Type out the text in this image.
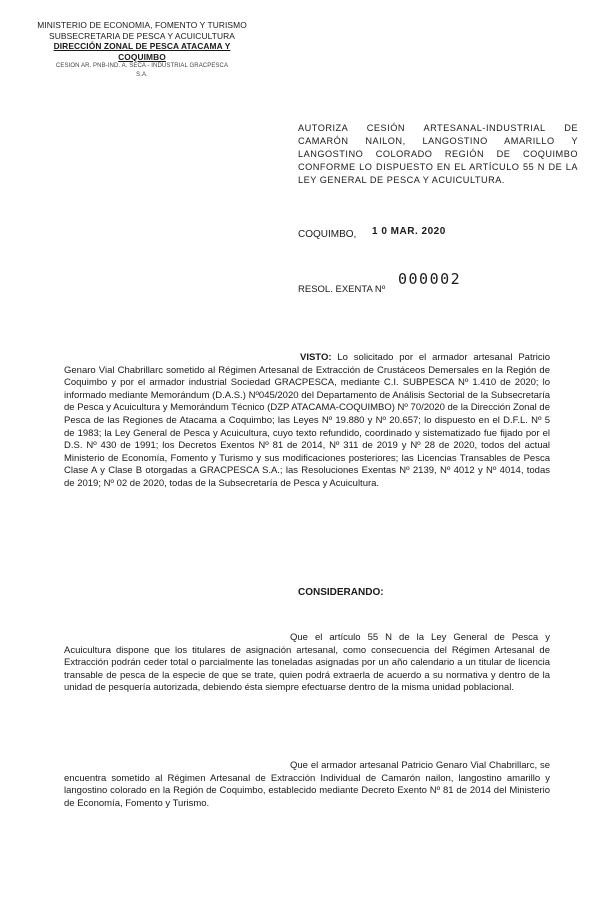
MINISTERIO DE ECONOMIA, FOMENTO Y TURISMO
SUBSECRETARIA DE PESCA Y ACUICULTURA
DIRECCIÓN ZONAL DE PESCA ATACAMA Y
COQUIMBO
CESION AR. PNB-IND. A. SECA - INDUSTRIAL GRACPESCA
S.A.
AUTORIZA CESIÓN ARTESANAL-INDUSTRIAL DE CAMARÓN NAILON, LANGOSTINO AMARILLO Y LANGOSTINO COLORADO REGIÓN DE COQUIMBO CONFORME LO DISPUESTO EN EL ARTÍCULO 55 N DE LA LEY GENERAL DE PESCA Y ACUICULTURA.
COQUIMBO, 1 0 MAR. 2020
000002
RESOL. EXENTA Nº
VISTO: Lo solicitado por el armador artesanal Patricio Genaro Vial Chabrillarc sometido al Régimen Artesanal de Extracción de Crustáceos Demersales en la Región de Coquimbo y por el armador industrial Sociedad GRACPESCA, mediante C.I. SUBPESCA Nº 1.410 de 2020; lo informado mediante Memorándum (D.A.S.) Nº045/2020 del Departamento de Análisis Sectorial de la Subsecretaría de Pesca y Acuicultura y Memorándum Técnico (DZP ATACAMA-COQUIMBO) Nº 70/2020 de la Dirección Zonal de Pesca de las Regiones de Atacama a Coquimbo; las Leyes Nº 19.880 y Nº 20.657; lo dispuesto en el D.F.L. Nº 5 de 1983; la Ley General de Pesca y Acuicultura, cuyo texto refundido, coordinado y sistematizado fue fijado por el D.S. Nº 430 de 1991; los Decretos Exentos Nº 81 de 2014, Nº 311 de 2019 y Nº 28 de 2020, todos del actual Ministerio de Economía, Fomento y Turismo y sus modificaciones posteriores; las Licencias Transables de Pesca Clase A y Clase B otorgadas a GRACPESCA S.A.; las Resoluciones Exentas Nº 2139, Nº 4012 y Nº 4014, todas de 2019; Nº 02 de 2020, todas de la Subsecretaría de Pesca y Acuicultura.
CONSIDERANDO:
Que el artículo 55 N de la Ley General de Pesca y Acuicultura dispone que los titulares de asignación artesanal, como consecuencia del Régimen Artesanal de Extracción podrán ceder total o parcialmente las toneladas asignadas por un año calendario a un titular de licencia transable de pesca de la especie de que se trate, quien podrá extraerla de acuerdo a su normativa y dentro de la unidad de pesquería autorizada, debiendo ésta siempre efectuarse dentro de la misma unidad poblacional.
Que el armador artesanal Patricio Genaro Vial Chabrillarc, se encuentra sometido al Régimen Artesanal de Extracción Individual de Camarón nailon, langostino amarillo y langostino colorado en la Región de Coquimbo, establecido mediante Decreto Exento Nº 81 de 2014 del Ministerio de Economía, Fomento y Turismo.
